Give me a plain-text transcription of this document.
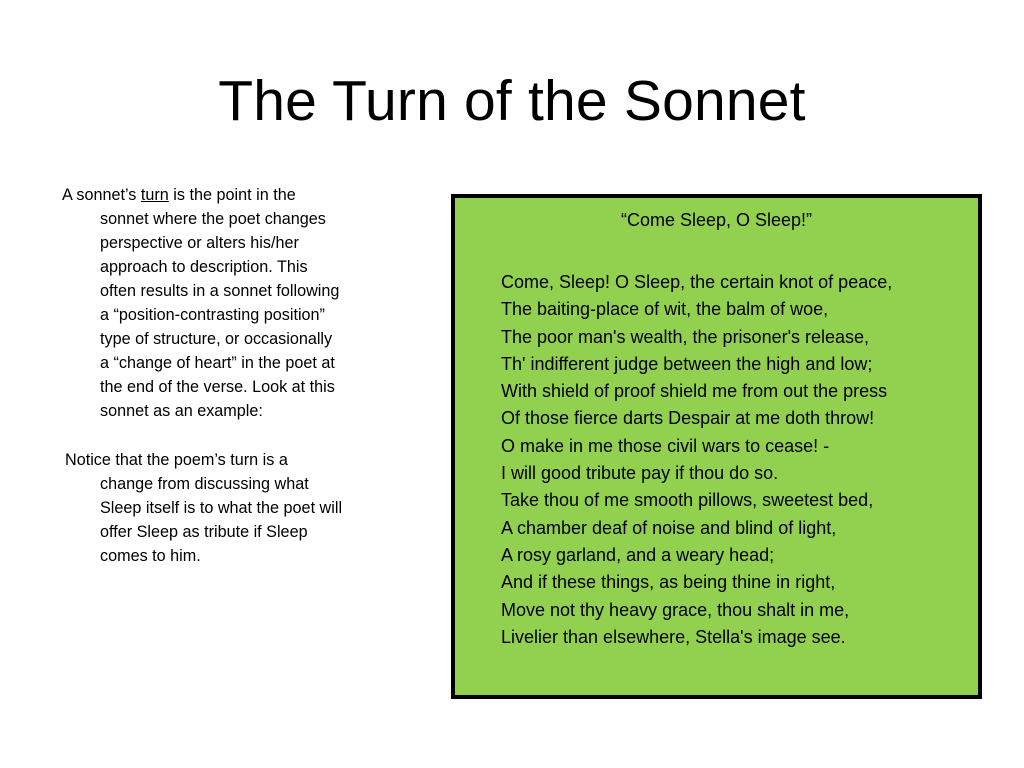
The Turn of the Sonnet

A sonnet’s turn is the point in the sonnet where the poet changes perspective or alters his/her approach to description. This often results in a sonnet following a “position-contrasting position” type of structure, or occasionally a “change of heart” in the poet at the end of the verse. Look at this sonnet as an example:

Notice that the poem’s turn is a change from discussing what Sleep itself is to what the poet will offer Sleep as tribute if Sleep comes to him.

“Come Sleep, O Sleep!”
Come, Sleep! O Sleep, the certain knot of peace,
The baiting-place of wit, the balm of woe,
The poor man's wealth, the prisoner's release,
Th' indifferent judge between the high and low;
With shield of proof shield me from out the press
Of those fierce darts Despair at me doth throw!
O make in me those civil wars to cease! -
I will good tribute pay if thou do so.
Take thou of me smooth pillows, sweetest bed,
A chamber deaf of noise and blind of light,
A rosy garland, and a weary head;
And if these things, as being thine in right,
Move not thy heavy grace, thou shalt in me,
Livelier than elsewhere, Stella's image see.
